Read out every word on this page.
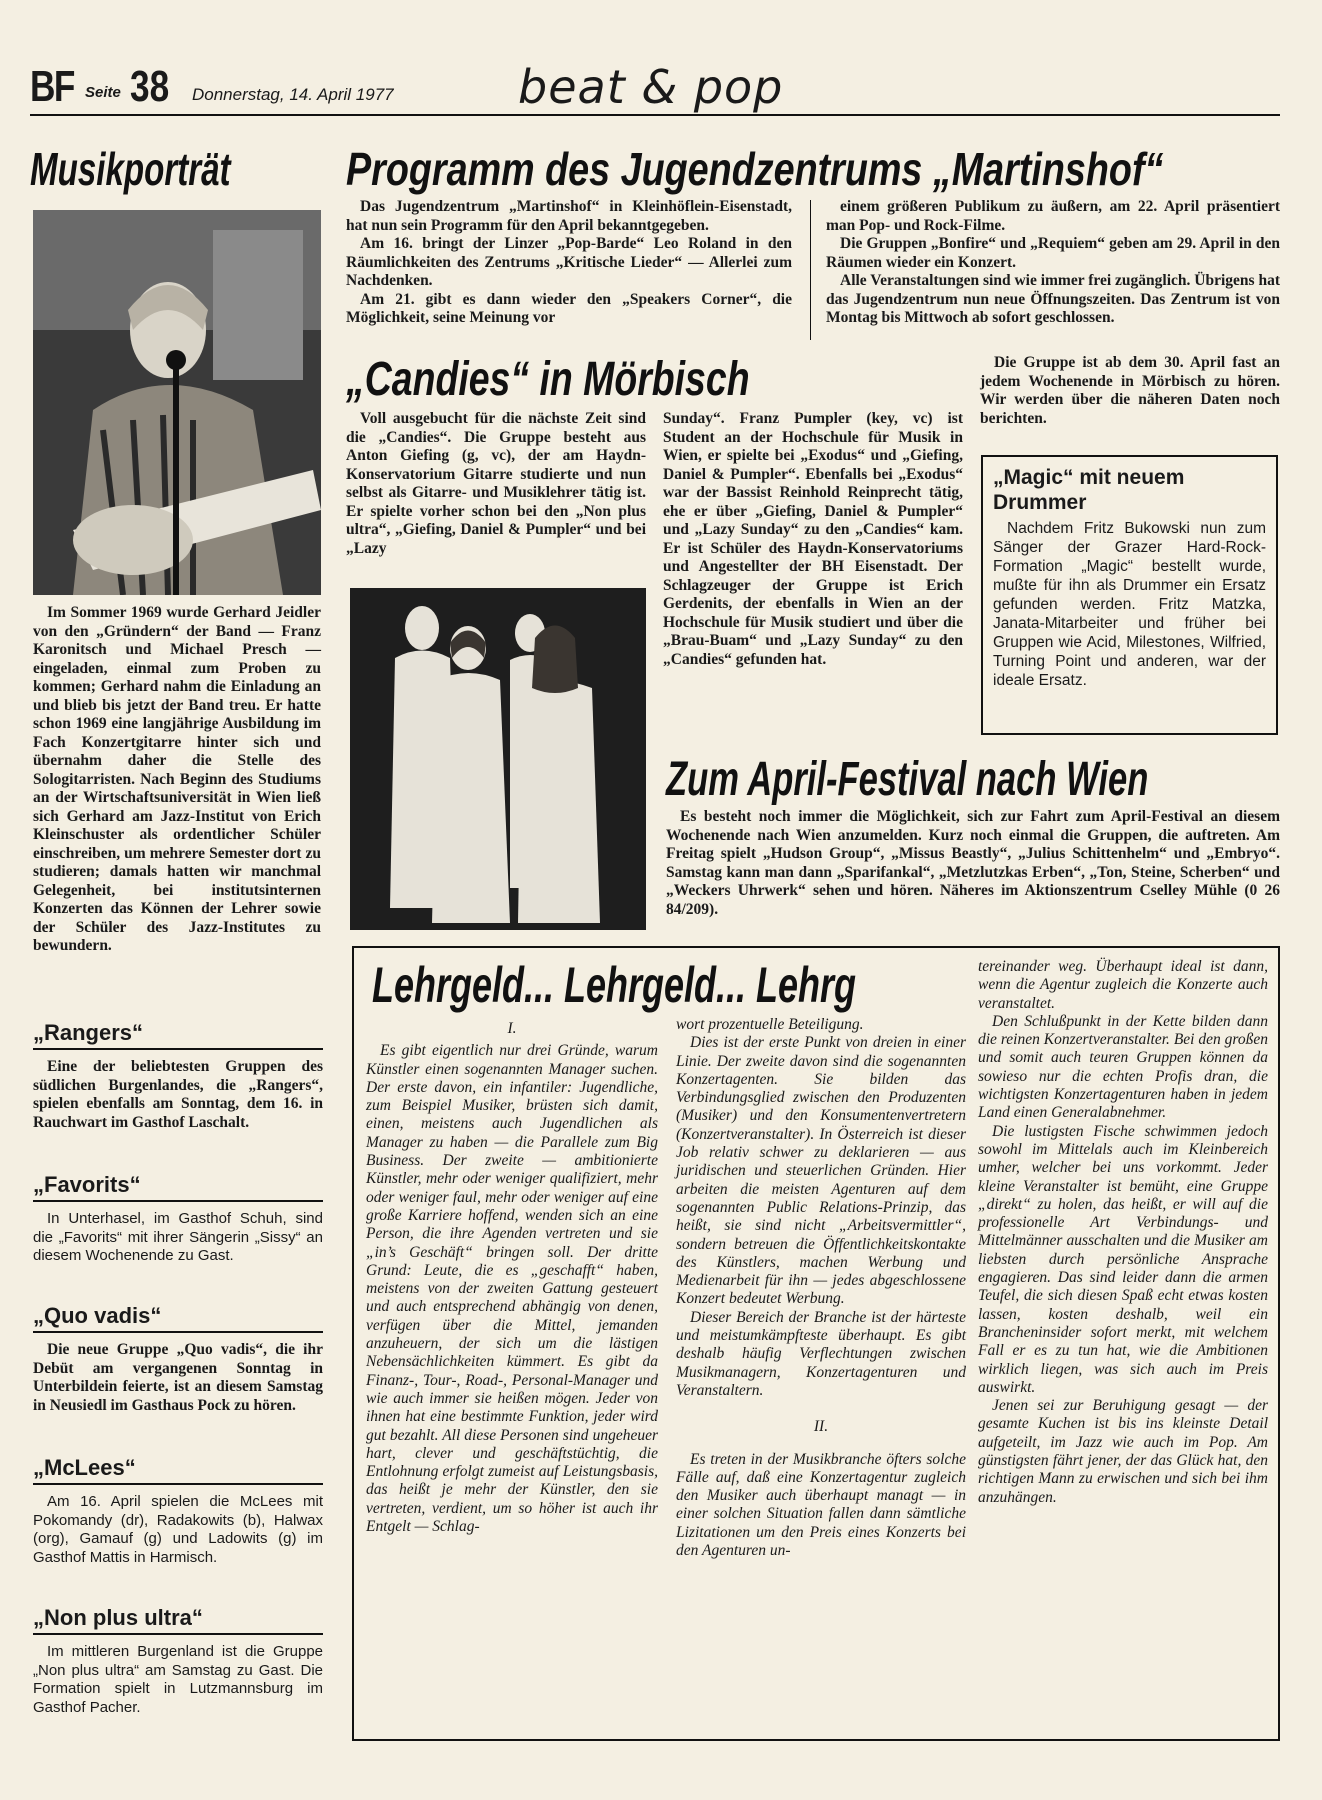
BF Seite 38 Donnerstag, 14. April 1977	beat & pop
Musikporträt

Im Sommer 1969 wurde Gerhard Jeidler von den „Gründern“ der Band — Franz Karonitsch und Michael Presch — eingeladen, einmal zum Proben zu kommen; Gerhard nahm die Einladung an und blieb bis jetzt der Band treu. Er hatte schon 1969 eine langjährige Ausbildung im Fach Konzertgitarre hinter sich und übernahm daher die Stelle des Sologitarristen. Nach Beginn des Studiums an der Wirtschaftsuniversität in Wien ließ sich Gerhard am Jazz-Institut von Erich Kleinschuster als ordentlicher Schüler einschreiben, um mehrere Semester dort zu studieren; damals hatten wir manchmal Gelegenheit, bei institutsinternen Konzerten das Können der Lehrer sowie der Schüler des Jazz-Institutes zu bewundern.

„Rangers“

Eine der beliebtesten Gruppen des südlichen Burgenlandes, die „Rangers“, spielen ebenfalls am Sonntag, dem 16. in Rauchwart im Gasthof Laschalt.

„Favorits“

In Unterhasel, im Gasthof Schuh, sind die „Favorits“ mit ihrer Sängerin „Sissy“ an diesem Wochenende zu Gast.

„Quo vadis“

Die neue Gruppe „Quo vadis“, die ihr Debüt am vergangenen Sonntag in Unterbildein feierte, ist an diesem Samstag in Neusiedl im Gasthaus Pock zu hören.

„McLees“

Am 16. April spielen die McLees mit Pokomandy (dr), Radakowits (b), Halwax (org), Gamauf (g) und Ladowits (g) im Gasthof Mattis in Harmisch.

„Non plus ultra“

Im mittleren Burgenland ist die Gruppe „Non plus ultra“ am Samstag zu Gast. Die Formation spielt in Lutzmannsburg im Gasthof Pacher.

Programm des Jugendzentrums „Martinshof“

Das Jugendzentrum „Martinshof“ in Kleinhöflein-Eisenstadt, hat nun sein Programm für den April bekanntgegeben.

Am 16. bringt der Linzer „Pop-Barde“ Leo Roland in den Räumlichkeiten des Zentrums „Kritische Lieder“ — Allerlei zum Nachdenken.

Am 21. gibt es dann wieder den „Speakers Corner“, die Möglichkeit, seine Meinung vor

einem größeren Publikum zu äußern, am 22. April präsentiert man Pop- und Rock-Filme.

Die Gruppen „Bonfire“ und „Requiem“ geben am 29. April in den Räumen wieder ein Konzert.

Alle Veranstaltungen sind wie immer frei zugänglich. Übrigens hat das Jugendzentrum nun neue Öffnungszeiten. Das Zentrum ist von Montag bis Mittwoch ab sofort geschlossen.

„Candies“ in Mörbisch

Voll ausgebucht für die nächste Zeit sind die „Candies“. Die Gruppe besteht aus Anton Giefing (g, vc), der am Haydn-Konservatorium Gitarre studierte und nun selbst als Gitarre- und Musiklehrer tätig ist. Er spielte vorher schon bei den „Non plus ultra“, „Giefing, Daniel & Pumpler“ und bei „Lazy

Sunday“. Franz Pumpler (key, vc) ist Student an der Hochschule für Musik in Wien, er spielte bei „Exodus“ und „Giefing, Daniel & Pumpler“. Ebenfalls bei „Exodus“ war der Bassist Reinhold Reinprecht tätig, ehe er über „Giefing, Daniel & Pumpler“ und „Lazy Sunday“ zu den „Candies“ kam. Er ist Schüler des Haydn-Konservatoriums und Angestellter der BH Eisenstadt. Der Schlagzeuger der Gruppe ist Erich Gerdenits, der ebenfalls in Wien an der Hochschule für Musik studiert und über die „Brau-Buam“ und „Lazy Sunday“ zu den „Candies“ gefunden hat.

Die Gruppe ist ab dem 30. April fast an jedem Wochenende in Mörbisch zu hören. Wir werden über die näheren Daten noch berichten.

„Magic“ mit neuem Drummer

Nachdem Fritz Bukowski nun zum Sänger der Grazer Hard-Rock-Formation „Magic“ bestellt wurde, mußte für ihn als Drummer ein Ersatz gefunden werden. Fritz Matzka, Janata-Mitarbeiter und früher bei Gruppen wie Acid, Milestones, Wilfried, Turning Point und anderen, war der ideale Ersatz.

Zum April-Festival nach Wien

Es besteht noch immer die Möglichkeit, sich zur Fahrt zum April-Festival an diesem Wochenende nach Wien anzumelden. Kurz noch einmal die Gruppen, die auftreten. Am Freitag spielt „Hudson Group“, „Missus Beastly“, „Julius Schittenhelm“ und „Embryo“. Samstag kann man dann „Sparifankal“, „Metzlutzkas Erben“, „Ton, Steine, Scherben“ und „Weckers Uhrwerk“ sehen und hören. Näheres im Aktionszentrum Cselley Mühle (0 26 84/209).

Lehrgeld... Lehrgeld... Lehrg

I.

Es gibt eigentlich nur drei Gründe, warum Künstler einen sogenannten Manager suchen. Der erste davon, ein infantiler: Jugendliche, zum Beispiel Musiker, brüsten sich damit, einen, meistens auch Jugendlichen als Manager zu haben — die Parallele zum Big Business. Der zweite — ambitionierte Künstler, mehr oder weniger qualifiziert, mehr oder weniger faul, mehr oder weniger auf eine große Karriere hoffend, wenden sich an eine Person, die ihre Agenden vertreten und sie „in’s Geschäft“ bringen soll. Der dritte Grund: Leute, die es „geschafft“ haben, meistens von der zweiten Gattung gesteuert und auch entsprechend abhängig von denen, verfügen über die Mittel, jemanden anzuheuern, der sich um die lästigen Nebensächlichkeiten kümmert. Es gibt da Finanz-, Tour-, Road-, Personal-Manager und wie auch immer sie heißen mögen. Jeder von ihnen hat eine bestimmte Funktion, jeder wird gut bezahlt. All diese Personen sind ungeheuer hart, clever und geschäftstüchtig, die Entlohnung erfolgt zumeist auf Leistungsbasis, das heißt je mehr der Künstler, den sie vertreten, verdient, um so höher ist auch ihr Entgelt — Schlag-

wort prozentuelle Beteiligung.

Dies ist der erste Punkt von dreien in einer Linie. Der zweite davon sind die sogenannten Konzertagenten. Sie bilden das Verbindungsglied zwischen den Produzenten (Musiker) und den Konsumentenvertretern (Konzertveranstalter). In Österreich ist dieser Job relativ schwer zu deklarieren — aus juridischen und steuerlichen Gründen. Hier arbeiten die meisten Agenturen auf dem sogenannten Public Relations-Prinzip, das heißt, sie sind nicht „Arbeitsvermittler“, sondern betreuen die Öffentlichkeitskontakte des Künstlers, machen Werbung und Medienarbeit für ihn — jedes abgeschlossene Konzert bedeutet Werbung.

Dieser Bereich der Branche ist der härteste und meistumkämpfteste überhaupt. Es gibt deshalb häufig Verflechtungen zwischen Musikmanagern, Konzertagenturen und Veranstaltern.

II.

Es treten in der Musikbranche öfters solche Fälle auf, daß eine Konzertagentur zugleich den Musiker auch überhaupt managt — in einer solchen Situation fallen dann sämtliche Lizitationen um den Preis eines Konzerts bei den Agenturen un-

tereinander weg. Überhaupt ideal ist dann, wenn die Agentur zugleich die Konzerte auch veranstaltet.

Den Schlußpunkt in der Kette bilden dann die reinen Konzertveranstalter. Bei den großen und somit auch teuren Gruppen können da sowieso nur die echten Profis dran, die wichtigsten Konzertagenturen haben in jedem Land einen Generalabnehmer.

Die lustigsten Fische schwimmen jedoch sowohl im Mittelals auch im Kleinbereich umher, welcher bei uns vorkommt. Jeder kleine Veranstalter ist bemüht, eine Gruppe „direkt“ zu holen, das heißt, er will auf die professionelle Art Verbindungs- und Mittelmänner ausschalten und die Musiker am liebsten durch persönliche Ansprache engagieren. Das sind leider dann die armen Teufel, die sich diesen Spaß echt etwas kosten lassen, kosten deshalb, weil ein Brancheninsider sofort merkt, mit welchem Fall er es zu tun hat, wie die Ambitionen wirklich liegen, was sich auch im Preis auswirkt.

Jenen sei zur Beruhigung gesagt — der gesamte Kuchen ist bis ins kleinste Detail aufgeteilt, im Jazz wie auch im Pop. Am günstigsten fährt jener, der das Glück hat, den richtigen Mann zu erwischen und sich bei ihm anzuhängen.
